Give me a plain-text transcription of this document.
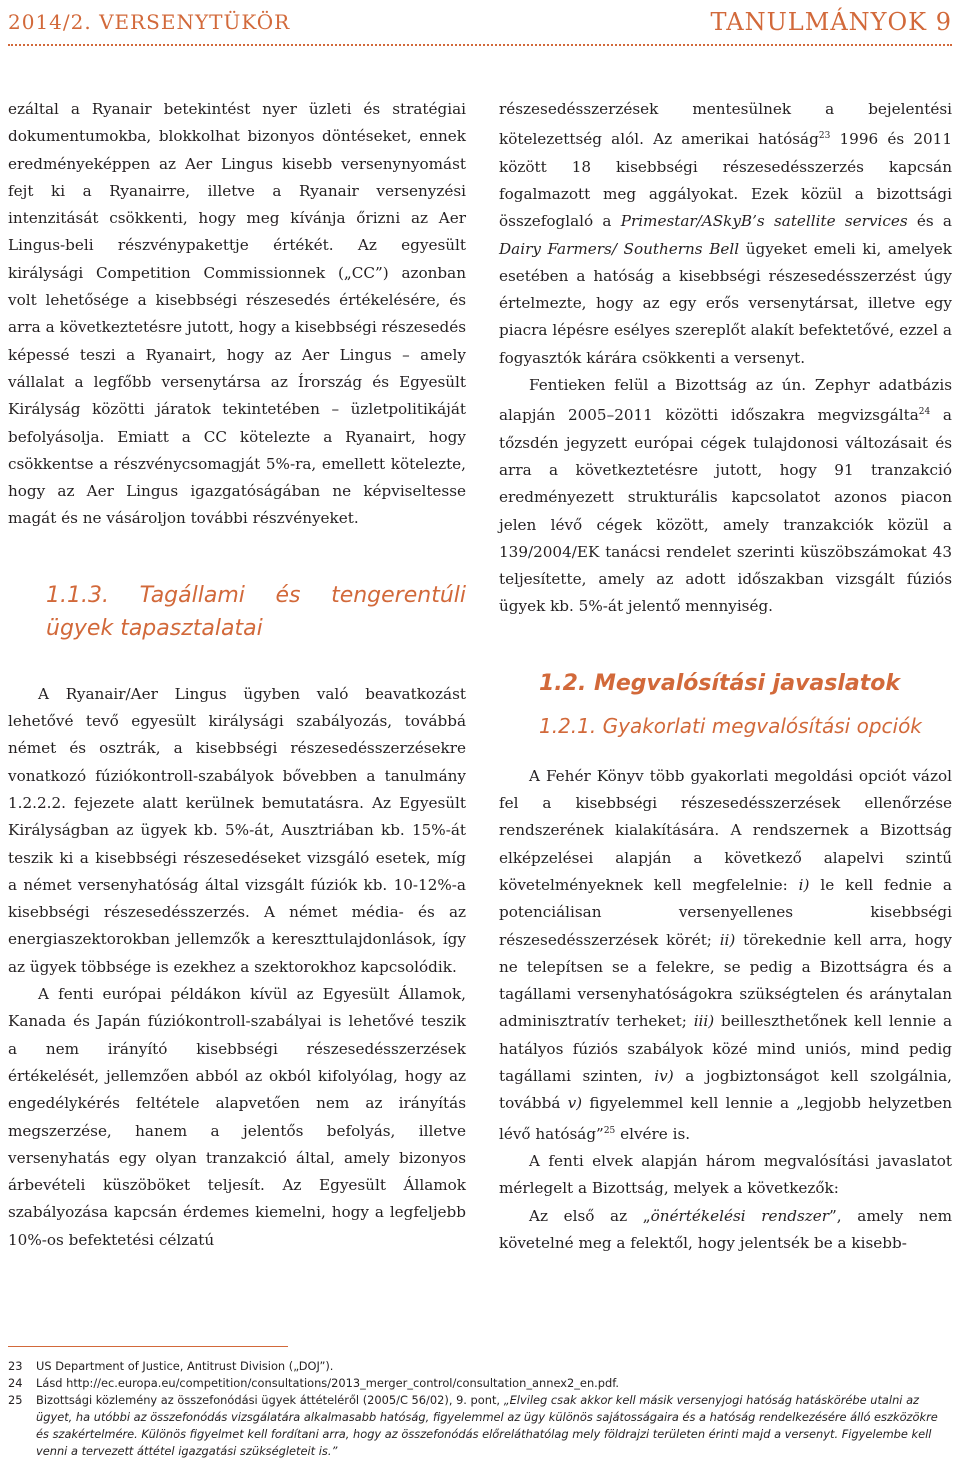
2014/2. VERSENYTÜKÖR	TANULMÁNYOK 9

ezáltal a Ryanair betekintést nyer üzleti és stratégiai dokumentumokba, blokkolhat bizonyos döntéseket, ennek eredményeképpen az Aer Lingus kisebb versenynyomást fejt ki a Ryanairre, illetve a Ryanair versenyzési intenzitását csökkenti, hogy meg kívánja őrizni az Aer Lingus-beli részvénypakettje értékét. Az egyesült királysági Competition Commissionnek („CC”) azonban volt lehetősége a kisebbségi részesedés értékelésére, és arra a következtetésre jutott, hogy a kisebbségi részesedés képessé teszi a Ryanairt, hogy az Aer Lingus – amely vállalat a legfőbb versenytársa az Írország és Egyesült Királyság közötti járatok tekintetében – üzletpolitikáját befolyásolja. Emiatt a CC kötelezte a Ryanairt, hogy csökkentse a részvénycsomagját 5%-ra, emellett kötelezte, hogy az Aer Lingus igazgatóságában ne képviseltesse magát és ne vásároljon további részvényeket.

1.1.3. Tagállami és tengerentúli ügyek tapasztalatai

A Ryanair/Aer Lingus ügyben való beavatkozást lehetővé tevő egyesült királysági szabályozás, továbbá német és osztrák, a kisebbségi részesedésszerzésekre vonatkozó fúziókontroll-szabályok bővebben a tanulmány 1.2.2.2. fejezete alatt kerülnek bemutatásra. Az Egyesült Királyságban az ügyek kb. 5%-át, Ausztriában kb. 15%-át teszik ki a kisebbségi részesedéseket vizsgáló esetek, míg a német versenyhatóság által vizsgált fúziók kb. 10-12%-a kisebbségi részesedésszerzés. A német média- és az energiaszektorokban jellemzők a kereszttulajdonlások, így az ügyek többsége is ezekhez a szektorokhoz kapcsolódik.

A fenti európai példákon kívül az Egyesült Államok, Kanada és Japán fúziókontroll-szabályai is lehetővé teszik a nem irányító kisebbségi részesedésszerzések értékelését, jellemzően abból az okból kifolyólag, hogy az engedélykérés feltétele alapvetően nem az irányítás megszerzése, hanem a jelentős befolyás, illetve versenyhatás egy olyan tranzakció által, amely bizonyos árbevételi küszöböket teljesít. Az Egyesült Államok szabályozása kapcsán érdemes kiemelni, hogy a legfeljebb 10%-os befektetési célzatú

részesedésszerzések mentesülnek a bejelentési kötelezettség alól. Az amerikai hatóság$^{23}$ 1996 és 2011 között 18 kisebbségi részesedésszerzés kapcsán fogalmazott meg aggályokat. Ezek közül a bizottsági összefoglaló a Primestar/ASkyB’s satellite services és a Dairy Farmers/ Southerns Bell ügyeket emeli ki, amelyek esetében a hatóság a kisebbségi részesedésszerzést úgy értelmezte, hogy az egy erős versenytársat, illetve egy piacra lépésre esélyes szereplőt alakít befektetővé, ezzel a fogyasztók kárára csökkenti a versenyt.

Fentieken felül a Bizottság az ún. Zephyr adatbázis alapján 2005–2011 közötti időszakra megvizsgálta$^{24}$ a tőzsdén jegyzett európai cégek tulajdonosi változásait és arra a következtetésre jutott, hogy 91 tranzakció eredményezett strukturális kapcsolatot azonos piacon jelen lévő cégek között, amely tranzakciók közül a 139/2004/EK tanácsi rendelet szerinti küszöbszámokat 43 teljesítette, amely az adott időszakban vizsgált fúziós ügyek kb. 5%-át jelentő mennyiség.

1.2. Megvalósítási javaslatok
1.2.1. Gyakorlati megvalósítási opciók

A Fehér Könyv több gyakorlati megoldási opciót vázol fel a kisebbségi részesedésszerzések ellenőrzése rendszerének kialakítására. A rendszernek a Bizottság elképzelései alapján a következő alapelvi szintű követelményeknek kell megfelelnie: i) le kell fednie a potenciálisan versenyellenes kisebbségi részesedésszerzések körét; ii) törekednie kell arra, hogy ne telepítsen se a felekre, se pedig a Bizottságra és a tagállami versenyhatóságokra szükségtelen és aránytalan adminisztratív terheket; iii) beilleszthetőnek kell lennie a hatályos fúziós szabályok közé mind uniós, mind pedig tagállami szinten, iv) a jogbiztonságot kell szolgálnia, továbbá v) figyelemmel kell lennie a „legjobb helyzetben lévő hatóság”$^{25}$ elvére is.

A fenti elvek alapján három megvalósítási javaslatot mérlegelt a Bizottság, melyek a következők:

Az első az „önértékelési rendszer”, amely nem követelné meg a felektől, hogy jelentsék be a kisebb-

23	US Department of Justice, Antitrust Division („DOJ”).
24	Lásd http://ec.europa.eu/competition/consultations/2013_merger_control/consultation_annex2_en.pdf.
25	Bizottsági közlemény az összefonódási ügyek áttételéről (2005/C 56/02), 9. pont, „Elvileg csak akkor kell másik versenyjogi hatóság hatáskörébe utalni az ügyet, ha utóbbi az összefonódás vizsgálatára alkalmasabb hatóság, figyelemmel az ügy különös sajátosságaira és a hatóság rendelkezésére álló eszközökre és szakértelmére. Különös figyelmet kell fordítani arra, hogy az összefonódás előreláthatólag mely földrajzi területen érinti majd a versenyt. Figyelembe kell venni a tervezett áttétel igazgatási szükségleteit is.”
